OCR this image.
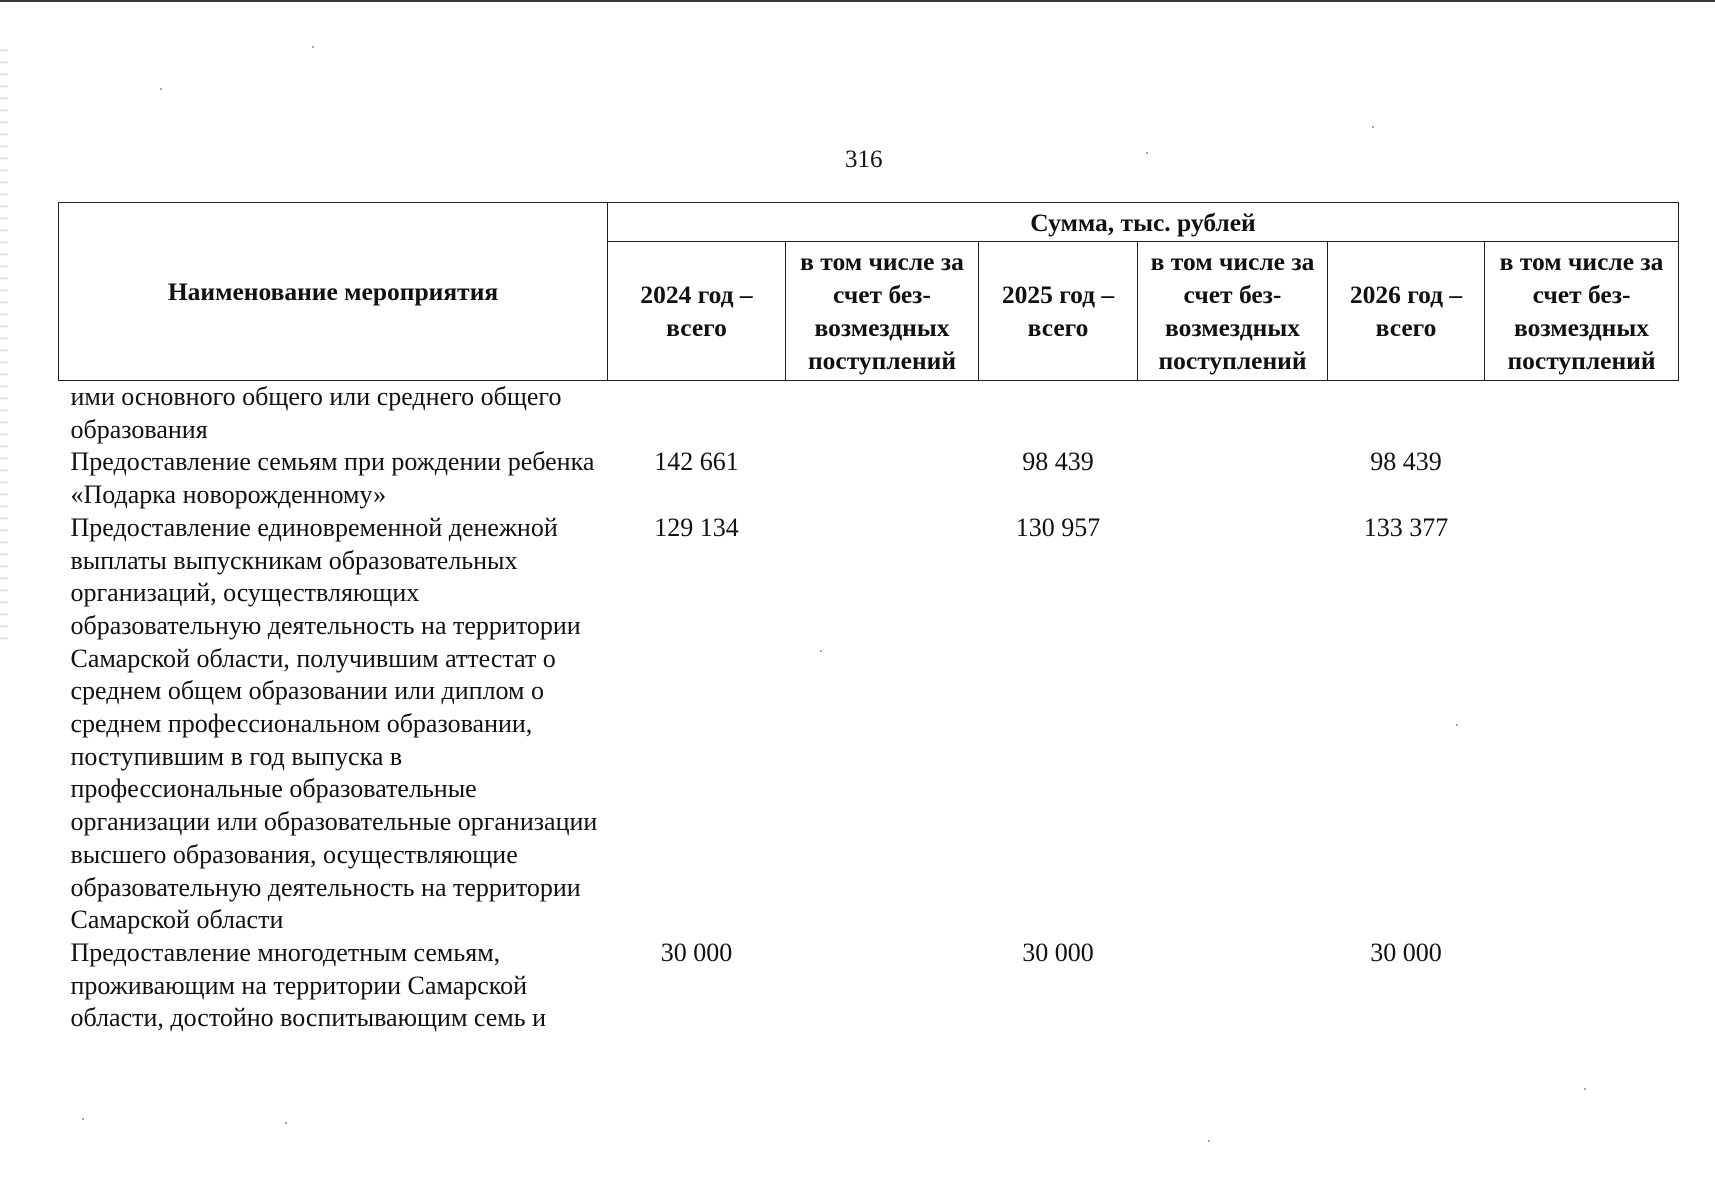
316
Наименование мероприятия	Сумма, тыс. рублей					
	2024 год – всего	в том числе за счет без-возмездных поступлений	2025 год – всего	в том числе за счет без-возмездных поступлений	2026 год – всего	в том числе за счет без-возмездных поступлений
ими основного общего или среднего общего образования						
Предоставление семьям при рождении ребенка «Подарка новорожденному»	142 661		98 439		98 439	
Предоставление единовременной денежной выплаты выпускникам образовательных организаций, осуществляющих образовательную деятельность на территории Самарской области, получившим аттестат о среднем общем образовании или диплом о среднем профессиональном образовании, поступившим в год выпуска в профессиональные образовательные организации или образовательные организации высшего образования, осуществляющие образовательную деятельность на территории Самарской области	129 134		130 957		133 377	
Предоставление многодетным семьям, проживающим на территории Самарской области, достойно воспитывающим семь и	30 000		30 000		30 000	
